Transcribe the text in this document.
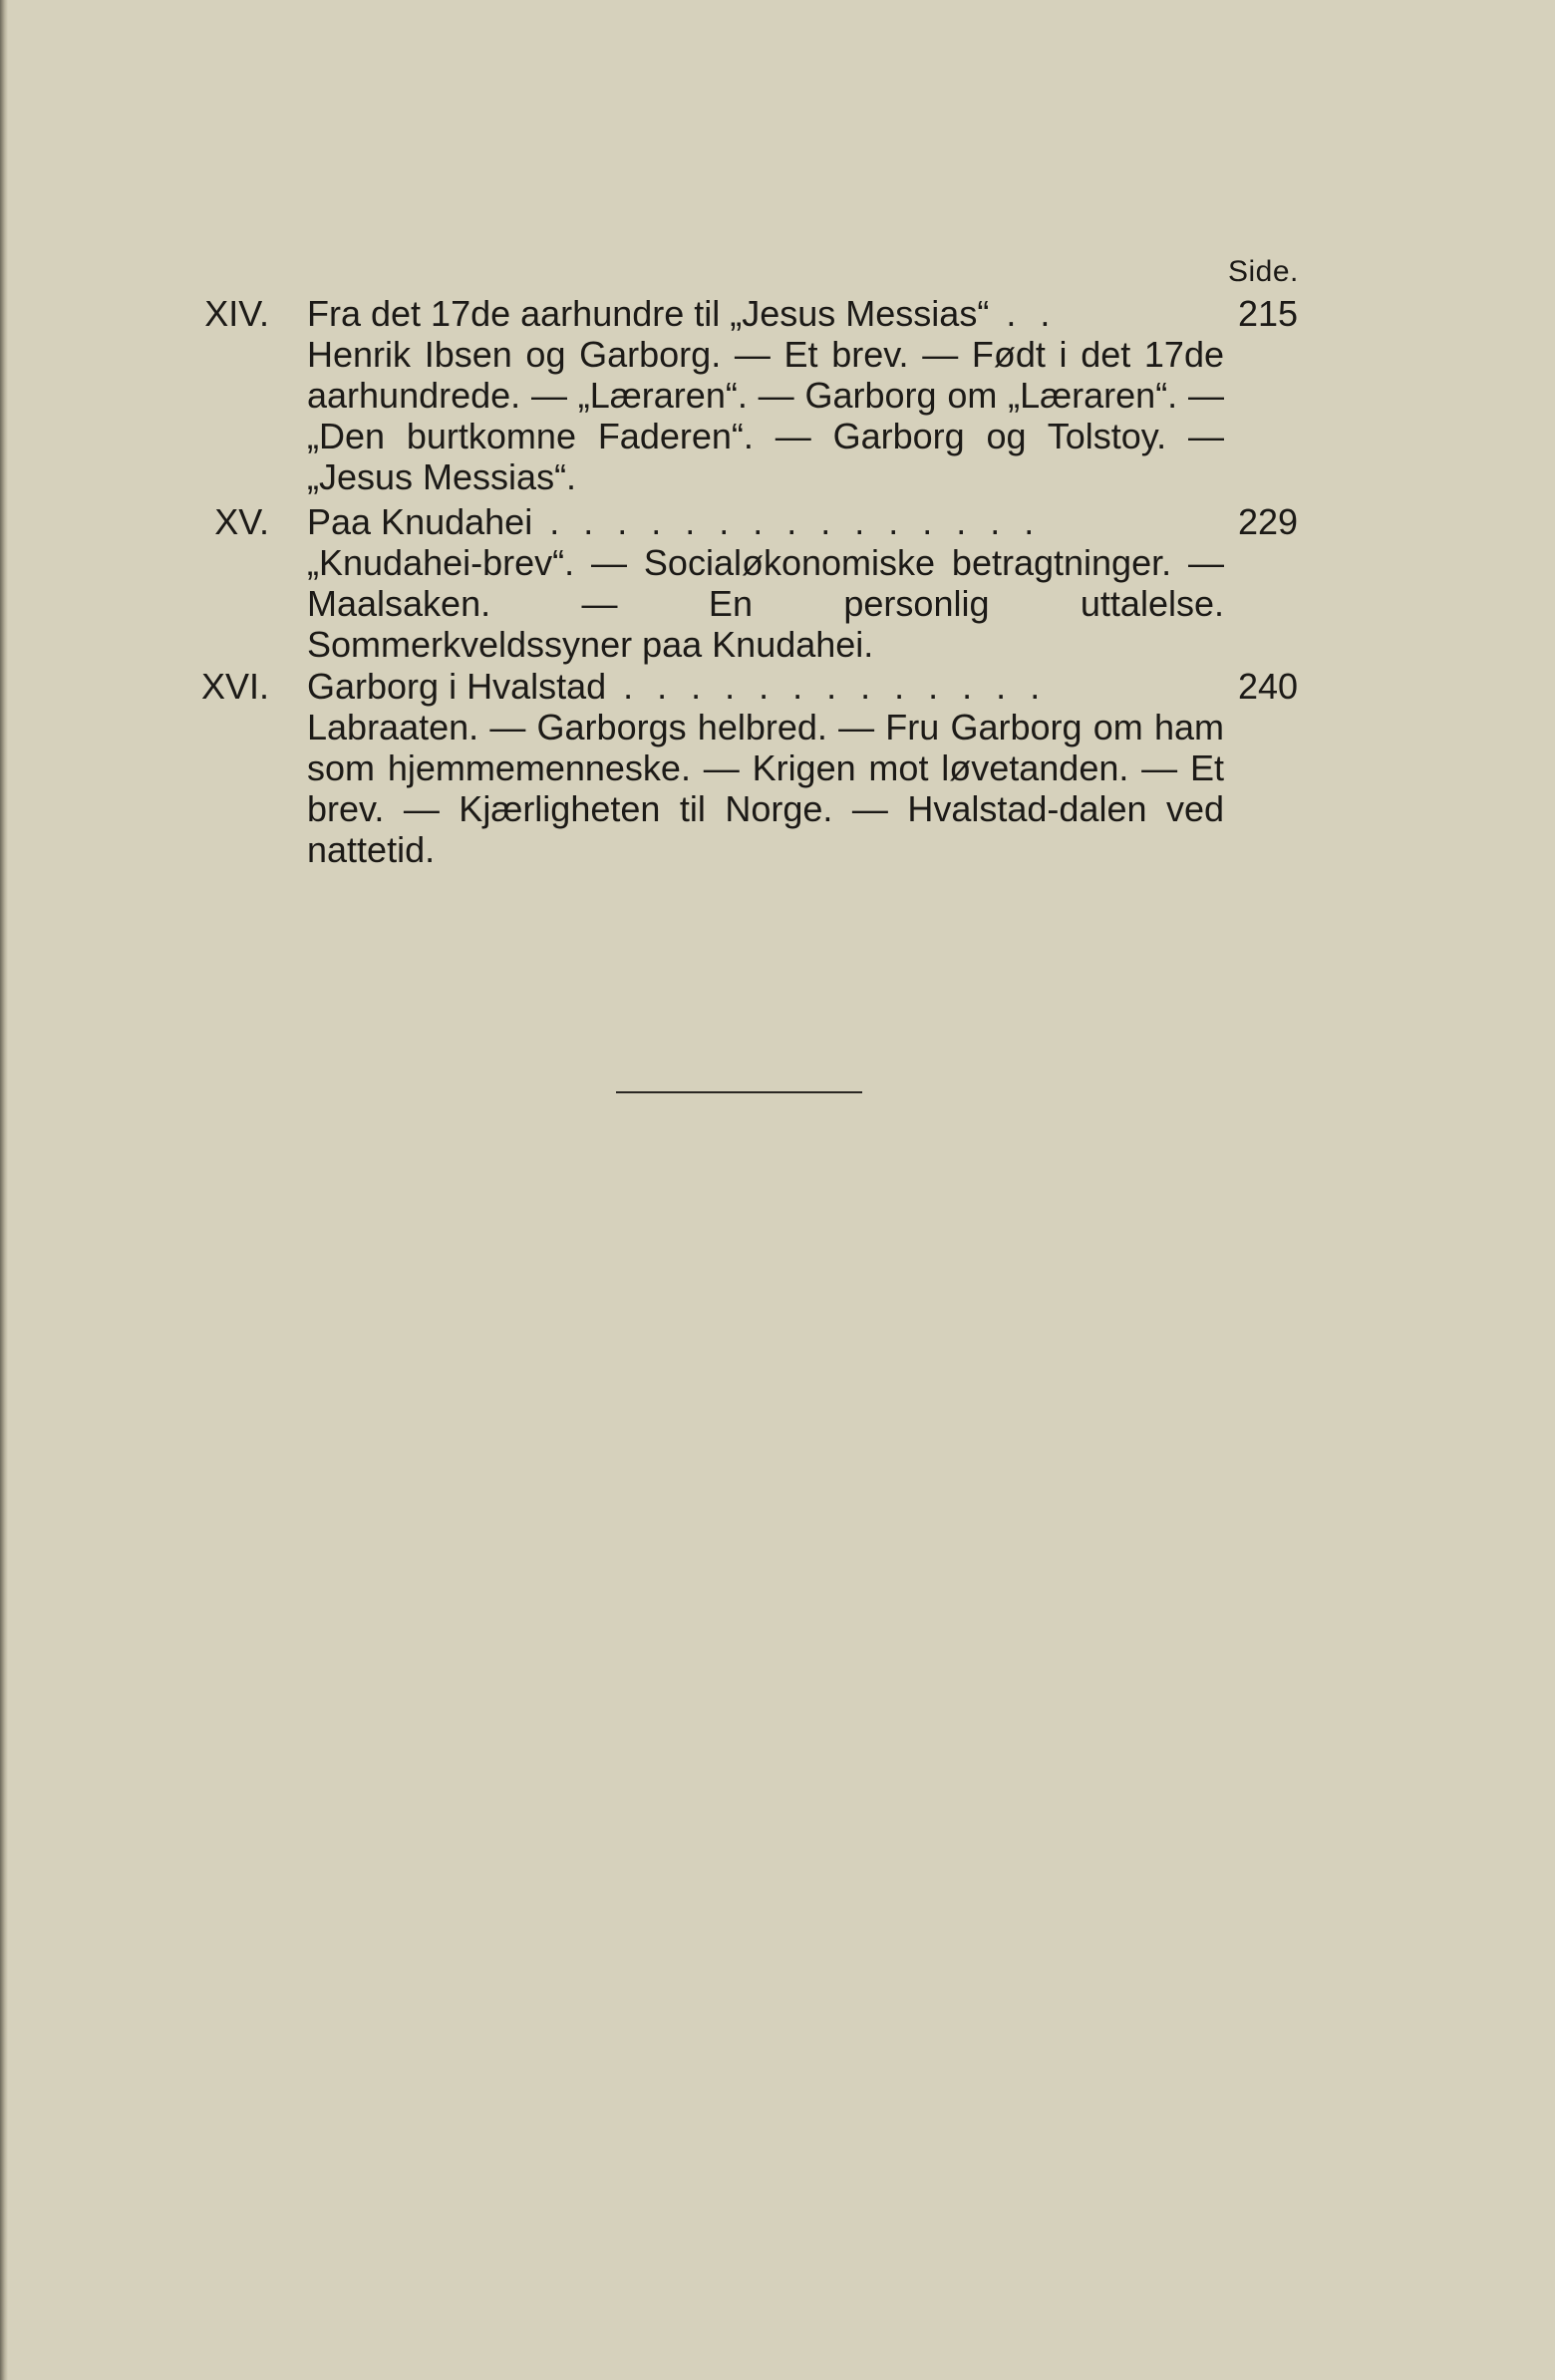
Side.
XIV. Fra det 17de aarhundre til „Jesus Messias“ . .	215
Henrik Ibsen og Garborg. — Et brev. — Født i det 17de aarhundrede. — „Læraren“. — Garborg om „Læraren“. — „Den burtkomne Faderen“. — Garborg og Tolstoy. — „Jesus Messias“.
XV. Paa Knudahei . . . . . . . . . . . . . . .	229
„Knudahei-brev“. — Socialøkonomiske betragtninger. — Maalsaken. — En personlig uttalelse. Sommerkveldssyner paa Knudahei.
XVI. Garborg i Hvalstad . . . . . . . . . . . . .	240
Labraaten. — Garborgs helbred. — Fru Garborg om ham som hjemmemenneske. — Krigen mot løvetanden. — Et brev. — Kjærligheten til Norge. — Hvalstad-dalen ved nattetid.
